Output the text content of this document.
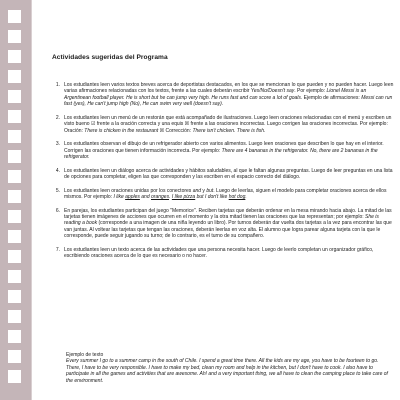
Actividades sugeridas del Programa
1. Los estudiantes leen varios textos breves acerca de deportistas destacados, en los que se mencionan lo que pueden y no pueden hacer. Luego leen varias afirmaciones relacionadas con los textos, frente a las cuales deberán escribir Yes/No/Doesn't say. Por ejemplo: Lionel Messi is an Argentinean football player. He is short but he can jump very high. He runs fast and can score a lot of goals. Ejemplo de afirmaciones: Messi can run fast (yes), He can't jump high (No), He can swim very well (doesn't say).
2. Los estudiantes leen un menú de un restorán que está acompañado de ilustraciones. Luego leen oraciones relacionadas con el menú y escriben un visto bueno ☑ frente a la oración correcta y una equis ☒ frente a las oraciones incorrectas. Luego corrigen las oraciones incorrectas. Por ejemplo: Oración: There is chicken in the restaurant ☒ Corrección: There isn't chicken. There is fish.
3. Los estudiantes observan el dibujo de un refrigerador abierto con varios alimentos. Luego leen oraciones que describen lo que hay en el interior. Corrigen las oraciones que tienen información incorrecta. Por ejemplo: There are 4 bananas in the refrigerator. No, there are 2 bananas in the refrigerator.
4. Los estudiantes leen un diálogo acerca de actividades y hábitos saludables, al que le faltan algunas preguntas. Luego de leer preguntas en una lista de opciones para completar, eligen las que corresponden y las escriben en el espacio correcto del diálogo.
5. Los estudiantes leen oraciones unidas por los conectores and y but. Luego de leerlas, siguen el modelo para completar oraciones acerca de ellos mismos. Por ejemplo: I like apples and oranges. I like pizza but I don't like hot dog.
6. En parejas, los estudiantes participan del juego "Memorice". Reciben tarjetas que deberán ordenar en la mesa mirando hacia abajo. La mitad de las tarjetas tienen imágenes de acciones que ocurren en el momento y la otra mitad tienen las oraciones que las representan; por ejemplo: She is reading a book (corresponde a una imagen de una niña leyendo un libro). Por turnos deberán dar vuelta dos tarjetas a la vez para encontrar las que van juntas. Al voltear las tarjetas que tengan las oraciones, deberán leerlas en voz alta. El alumno que logra parear alguna tarjeta con la que le corresponde, puede seguir jugando su turno; de lo contrario, es el turno de su compañero.
7. Los estudiantes leen un texto acerca de las actividades que una persona necesita hacer. Luego de leerlo completan un organizador gráfico, escribiendo oraciones acerca de lo que es necesario o no hacer.
Ejemplo de texto
Every summer I go to a summer camp in the south of Chile. I spend a great time there. All the kids are my age, you have to be fourteen to go. There, I have to be very responsible. I have to make my bed, clean my room and help in the kitchen, but I don't have to cook. I also have to participate in all the games and activities that are awesome. Ah! and a very important thing, we all have to clean the camping place to take care of the environment.
